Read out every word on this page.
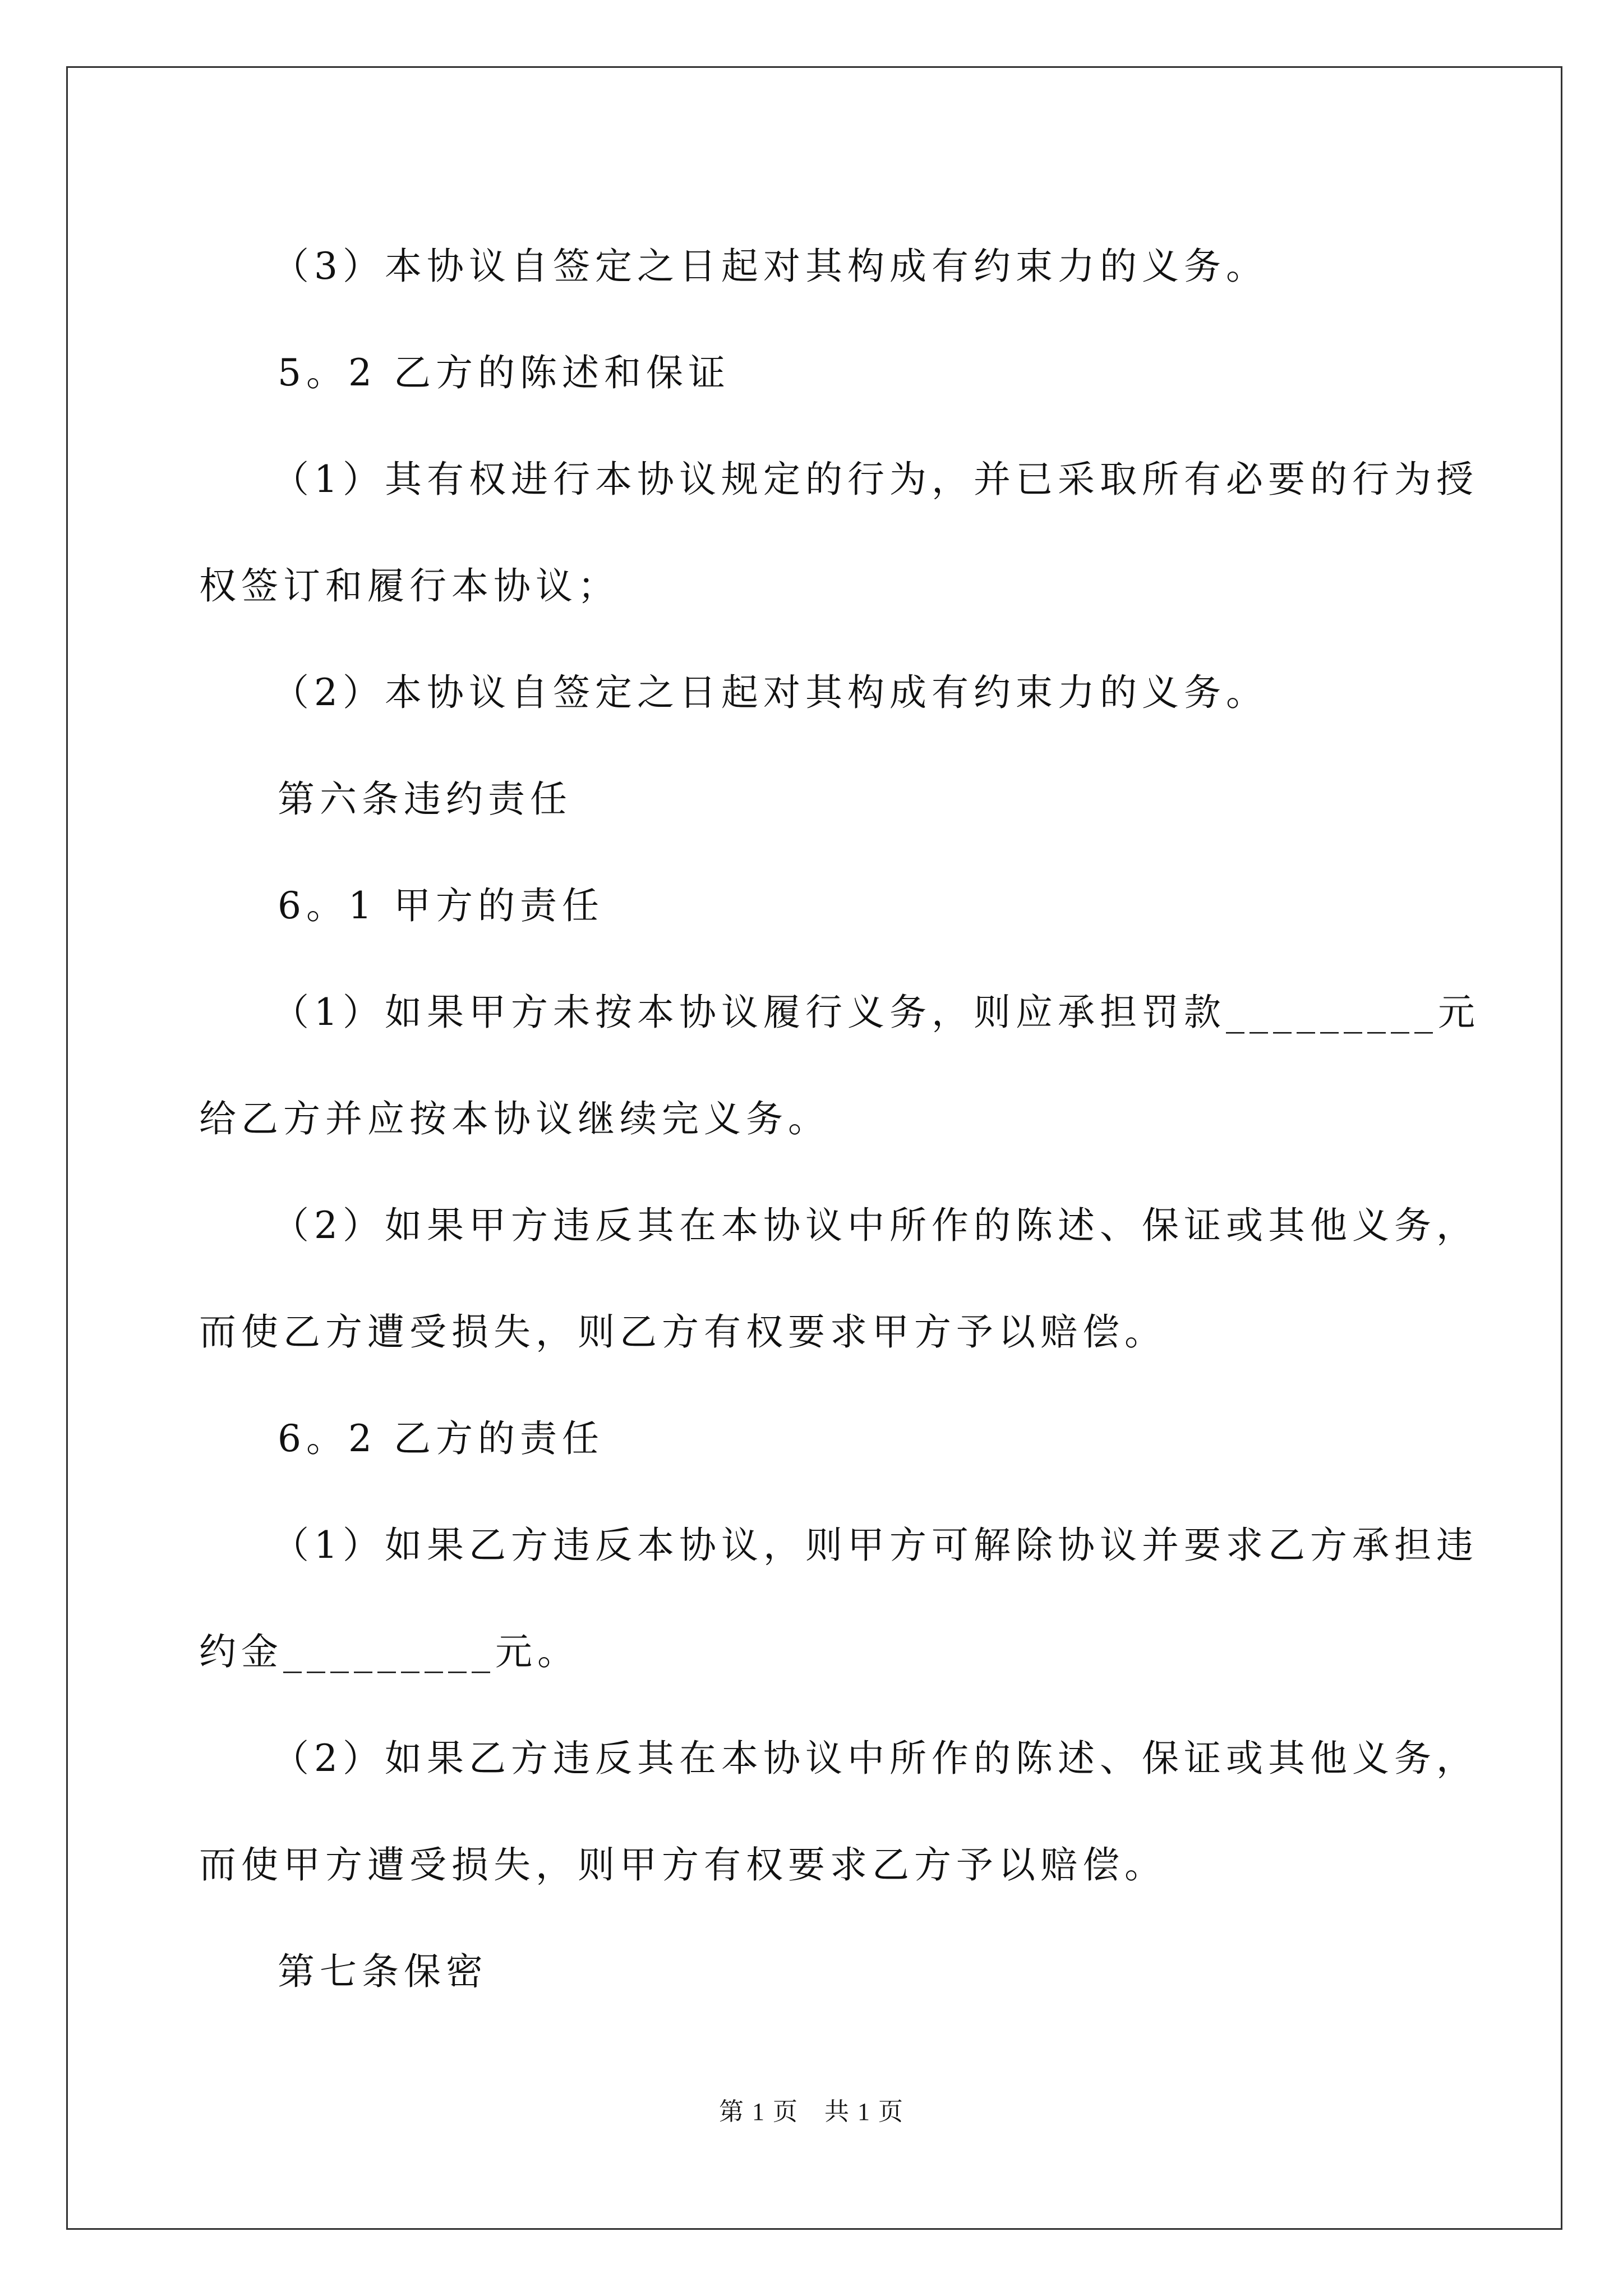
（3）本协议自签定之日起对其构成有约束力的义务。

5。2 乙方的陈述和保证

（1）其有权进行本协议规定的行为，并已采取所有必要的行为授

权签订和履行本协议；

（2）本协议自签定之日起对其构成有约束力的义务。

第六条违约责任

6。1 甲方的责任

（1）如果甲方未按本协议履行义务，则应承担罚款_________元

给乙方并应按本协议继续完义务。

（2）如果甲方违反其在本协议中所作的陈述、保证或其他义务，

而使乙方遭受损失，则乙方有权要求甲方予以赔偿。

6。2 乙方的责任

（1）如果乙方违反本协议，则甲方可解除协议并要求乙方承担违

约金_________元。

（2）如果乙方违反其在本协议中所作的陈述、保证或其他义务，

而使甲方遭受损失，则甲方有权要求乙方予以赔偿。

第七条保密

第 1 页　共 1 页
